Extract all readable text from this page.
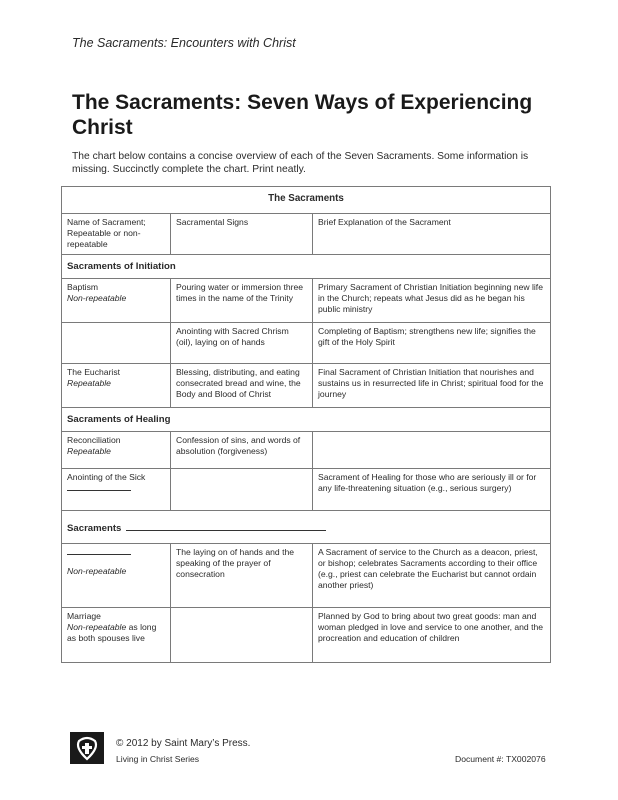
The Sacraments: Encounters with Christ
The Sacraments: Seven Ways of Experiencing Christ
The chart below contains a concise overview of each of the Seven Sacraments. Some information is missing. Succinctly complete the chart. Print neatly.
The Sacraments		
Name of Sacrament; Repeatable or non-repeatable	Sacramental Signs	Brief Explanation of the Sacrament
Sacraments of Initiation		

Baptism
Non-repeatable	Pouring water or immersion three times in the name of the Trinity	Primary Sacrament of Christian Initiation beginning new life in the Church; repeats what Jesus did as he began his public ministry
	Anointing with Sacred Chrism (oil), laying on of hands	Completing of Baptism; strengthens new life; signifies the gift of the Holy Spirit

The Eucharist
Repeatable	Blessing, distributing, and eating consecrated bread and wine, the Body and Blood of Christ	Final Sacrament of Christian Initiation that nourishes and sustains us in resurrected life in Christ; spiritual food for the journey
Sacraments of Healing		

Reconciliation
Repeatable	Confession of sins, and words of absolution (forgiveness)	

Anointing of the Sick		Sacrament of Healing for those who are seriously ill or for any life-threatening situation (e.g., serious surgery)
Sacraments		

Non-repeatable	The laying on of hands and the speaking of the prayer of consecration	A Sacrament of service to the Church as a deacon, priest, or bishop; celebrates Sacraments according to their office (e.g., priest can celebrate the Eucharist but cannot ordain another priest)

Marriage
Non-repeatable as long as both spouses live		Planned by God to bring about two great goods: man and woman pledged in love and service to one another, and the procreation and education of children
© 2012 by Saint Mary’s Press.
Living in Christ Series	Document #: TX002076
